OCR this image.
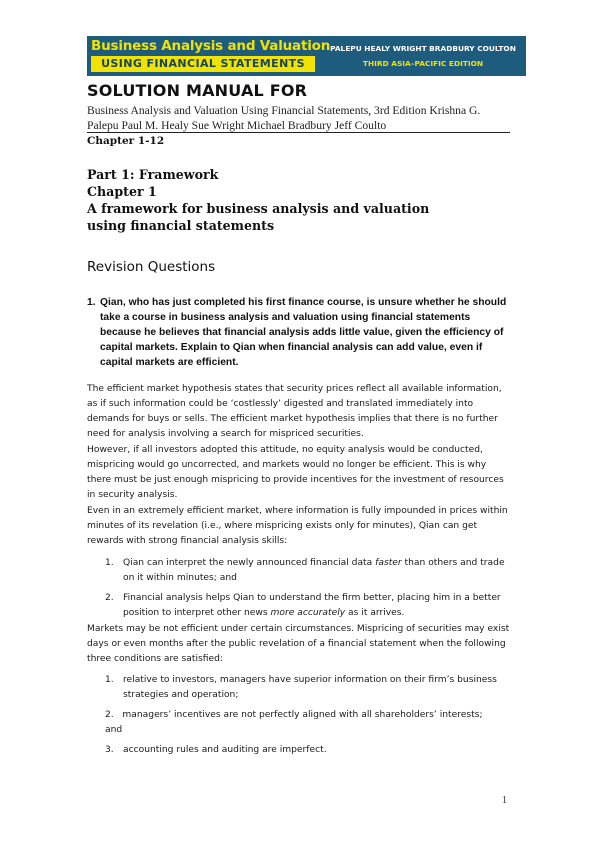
Business Analysis and Valuation
USING FINANCIAL STATEMENTS
PALEPU HEALY WRIGHT BRADBURY COULTON
THIRD ASIA–PACIFIC EDITION
SOLUTION MANUAL FOR
Business Analysis and Valuation Using Financial Statements, 3rd Edition Krishna G. Palepu Paul M. Healy Sue Wright Michael Bradbury Jeff Coulto
Chapter 1-12
Part 1: Framework
Chapter 1
A framework for business analysis and valuation
using financial statements
Revision Questions
1. Qian, who has just completed his first finance course, is unsure whether he should take a course in business analysis and valuation using financial statements because he believes that financial analysis adds little value, given the efficiency of capital markets. Explain to Qian when financial analysis can add value, even if capital markets are efficient.
The efficient market hypothesis states that security prices reflect all available information, as if such information could be ‘costlessly’ digested and translated immediately into demands for buys or sells. The efficient market hypothesis implies that there is no further need for analysis involving a search for mispriced securities.
However, if all investors adopted this attitude, no equity analysis would be conducted, mispricing would go uncorrected, and markets would no longer be efficient. This is why there must be just enough mispricing to provide incentives for the investment of resources in security analysis.
Even in an extremely efficient market, where information is fully impounded in prices within minutes of its revelation (i.e., where mispricing exists only for minutes), Qian can get rewards with strong financial analysis skills:
1. Qian can interpret the newly announced financial data faster than others and trade on it within minutes; and
2. Financial analysis helps Qian to understand the firm better, placing him in a better position to interpret other news more accurately as it arrives.
Markets may be not efficient under certain circumstances. Mispricing of securities may exist days or even months after the public revelation of a financial statement when the following three conditions are satisfied:
1. relative to investors, managers have superior information on their firm’s business strategies and operation;
2. managers’ incentives are not perfectly aligned with all shareholders’ interests;
and
3. accounting rules and auditing are imperfect.
1
